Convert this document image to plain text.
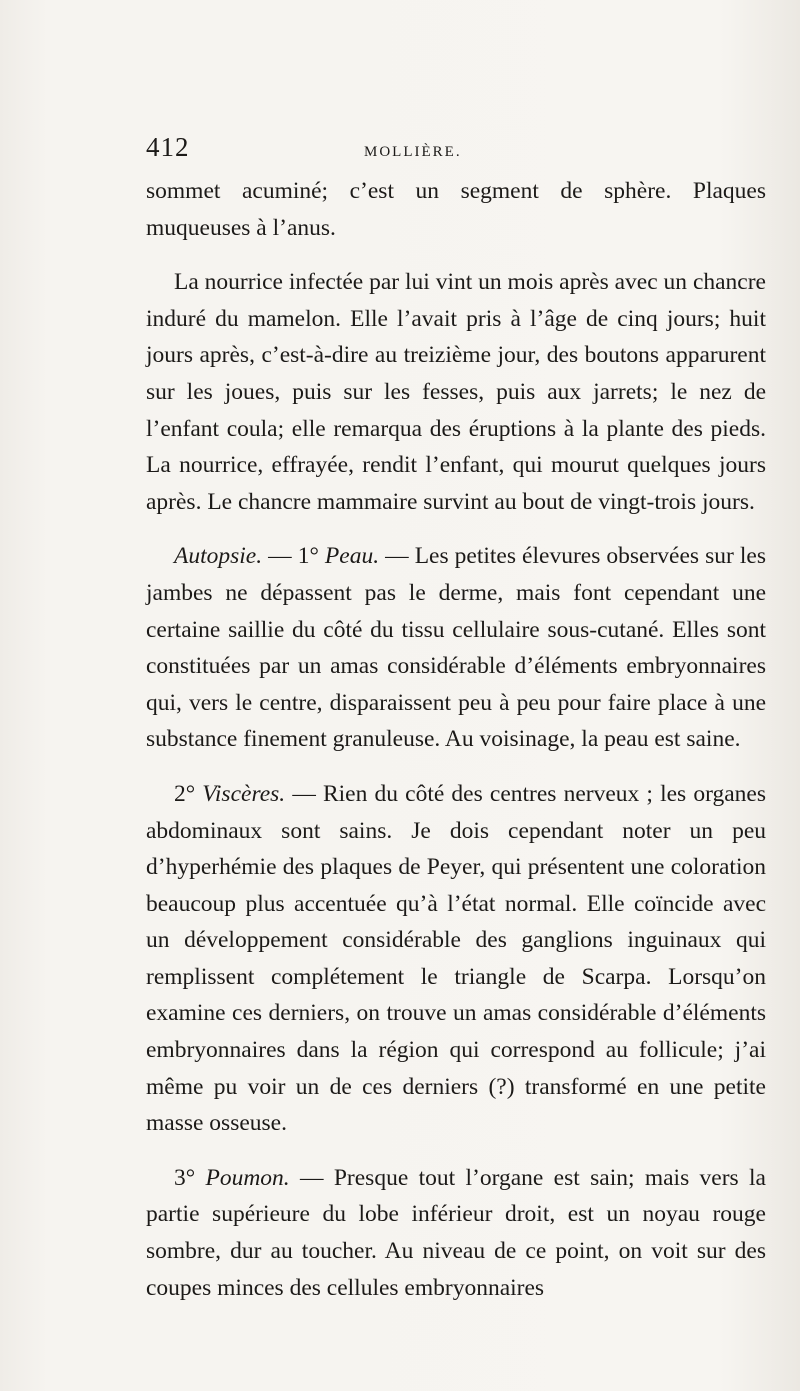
412	MOLLIÈRE.

sommet acuminé; c’est un segment de sphère. Plaques muqueuses à l’anus.

La nourrice infectée par lui vint un mois après avec un chancre induré du mamelon. Elle l’avait pris à l’âge de cinq jours; huit jours après, c’est-à-dire au treizième jour, des boutons apparurent sur les joues, puis sur les fesses, puis aux jarrets; le nez de l’enfant coula; elle remarqua des éruptions à la plante des pieds. La nourrice, effrayée, rendit l’enfant, qui mourut quelques jours après. Le chancre mammaire survint au bout de vingt-trois jours.

Autopsie. — 1° Peau. — Les petites élevures observées sur les jambes ne dépassent pas le derme, mais font cependant une certaine saillie du côté du tissu cellulaire sous-cutané. Elles sont constituées par un amas considérable d’éléments embryonnaires qui, vers le centre, disparaissent peu à peu pour faire place à une substance finement granuleuse. Au voisinage, la peau est saine.

2° Viscères. — Rien du côté des centres nerveux ; les organes abdominaux sont sains. Je dois cependant noter un peu d’hyperhémie des plaques de Peyer, qui présentent une coloration beaucoup plus accentuée qu’à l’état normal. Elle coïncide avec un développement considérable des ganglions inguinaux qui remplissent complétement le triangle de Scarpa. Lorsqu’on examine ces derniers, on trouve un amas considérable d’éléments embryonnaires dans la région qui correspond au follicule; j’ai même pu voir un de ces derniers (?) transformé en une petite masse osseuse.

3° Poumon. — Presque tout l’organe est sain; mais vers la partie supérieure du lobe inférieur droit, est un noyau rouge sombre, dur au toucher. Au niveau de ce point, on voit sur des coupes minces des cellules embryonnaires
